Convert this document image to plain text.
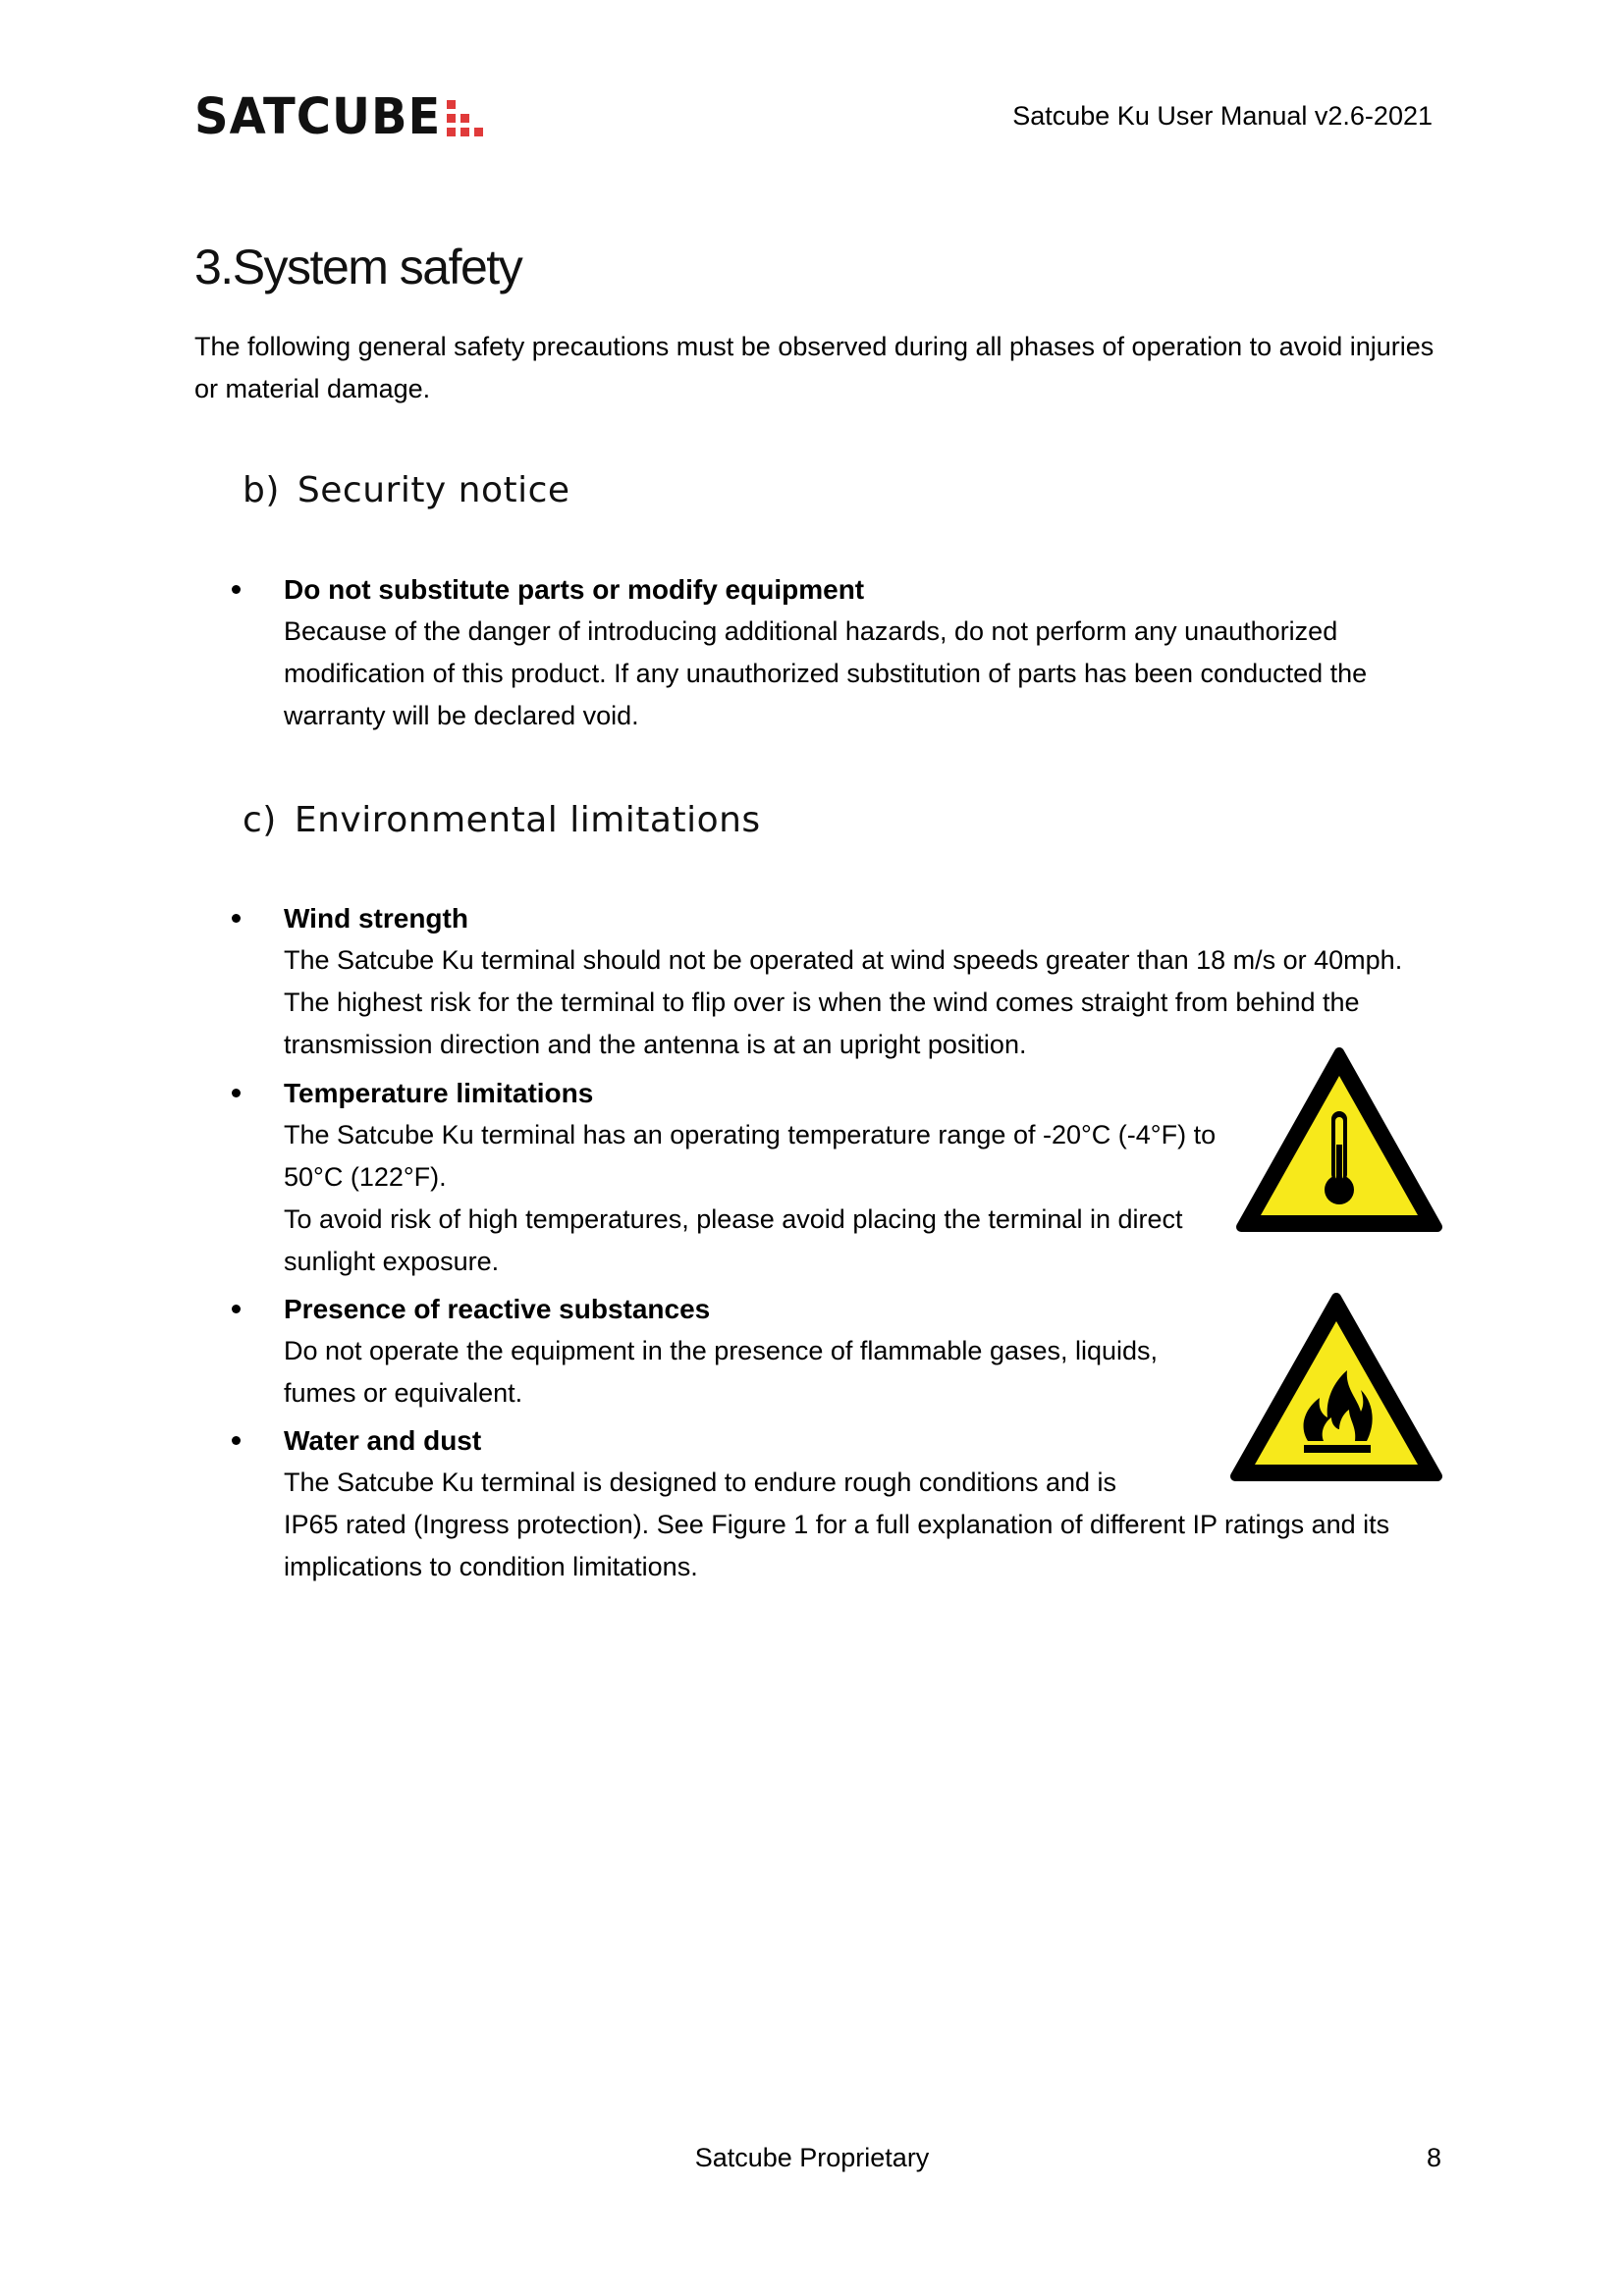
SATCUBE	Satcube Ku User Manual v2.6-2021
3.System safety
The following general safety precautions must be observed during all phases of operation to avoid injuries or material damage.
b) Security notice
Do not substitute parts or modify equipment
Because of the danger of introducing additional hazards, do not perform any unauthorized modification of this product. If any unauthorized substitution of parts has been conducted the warranty will be declared void.
c) Environmental limitations
Wind strength
The Satcube Ku terminal should not be operated at wind speeds greater than 18 m/s or 40mph. The highest risk for the terminal to flip over is when the wind comes straight from behind the transmission direction and the antenna is at an upright position.
Temperature limitations
The Satcube Ku terminal has an operating temperature range of -20°C (-4°F) to 50°C (122°F).
To avoid risk of high temperatures, please avoid placing the terminal in direct sunlight exposure.
Presence of reactive substances
Do not operate the equipment in the presence of flammable gases, liquids, fumes or equivalent.
Water and dust
The Satcube Ku terminal is designed to endure rough conditions and is
IP65 rated (Ingress protection). See Figure 1 for a full explanation of different IP ratings and its implications to condition limitations.
Satcube Proprietary	8
